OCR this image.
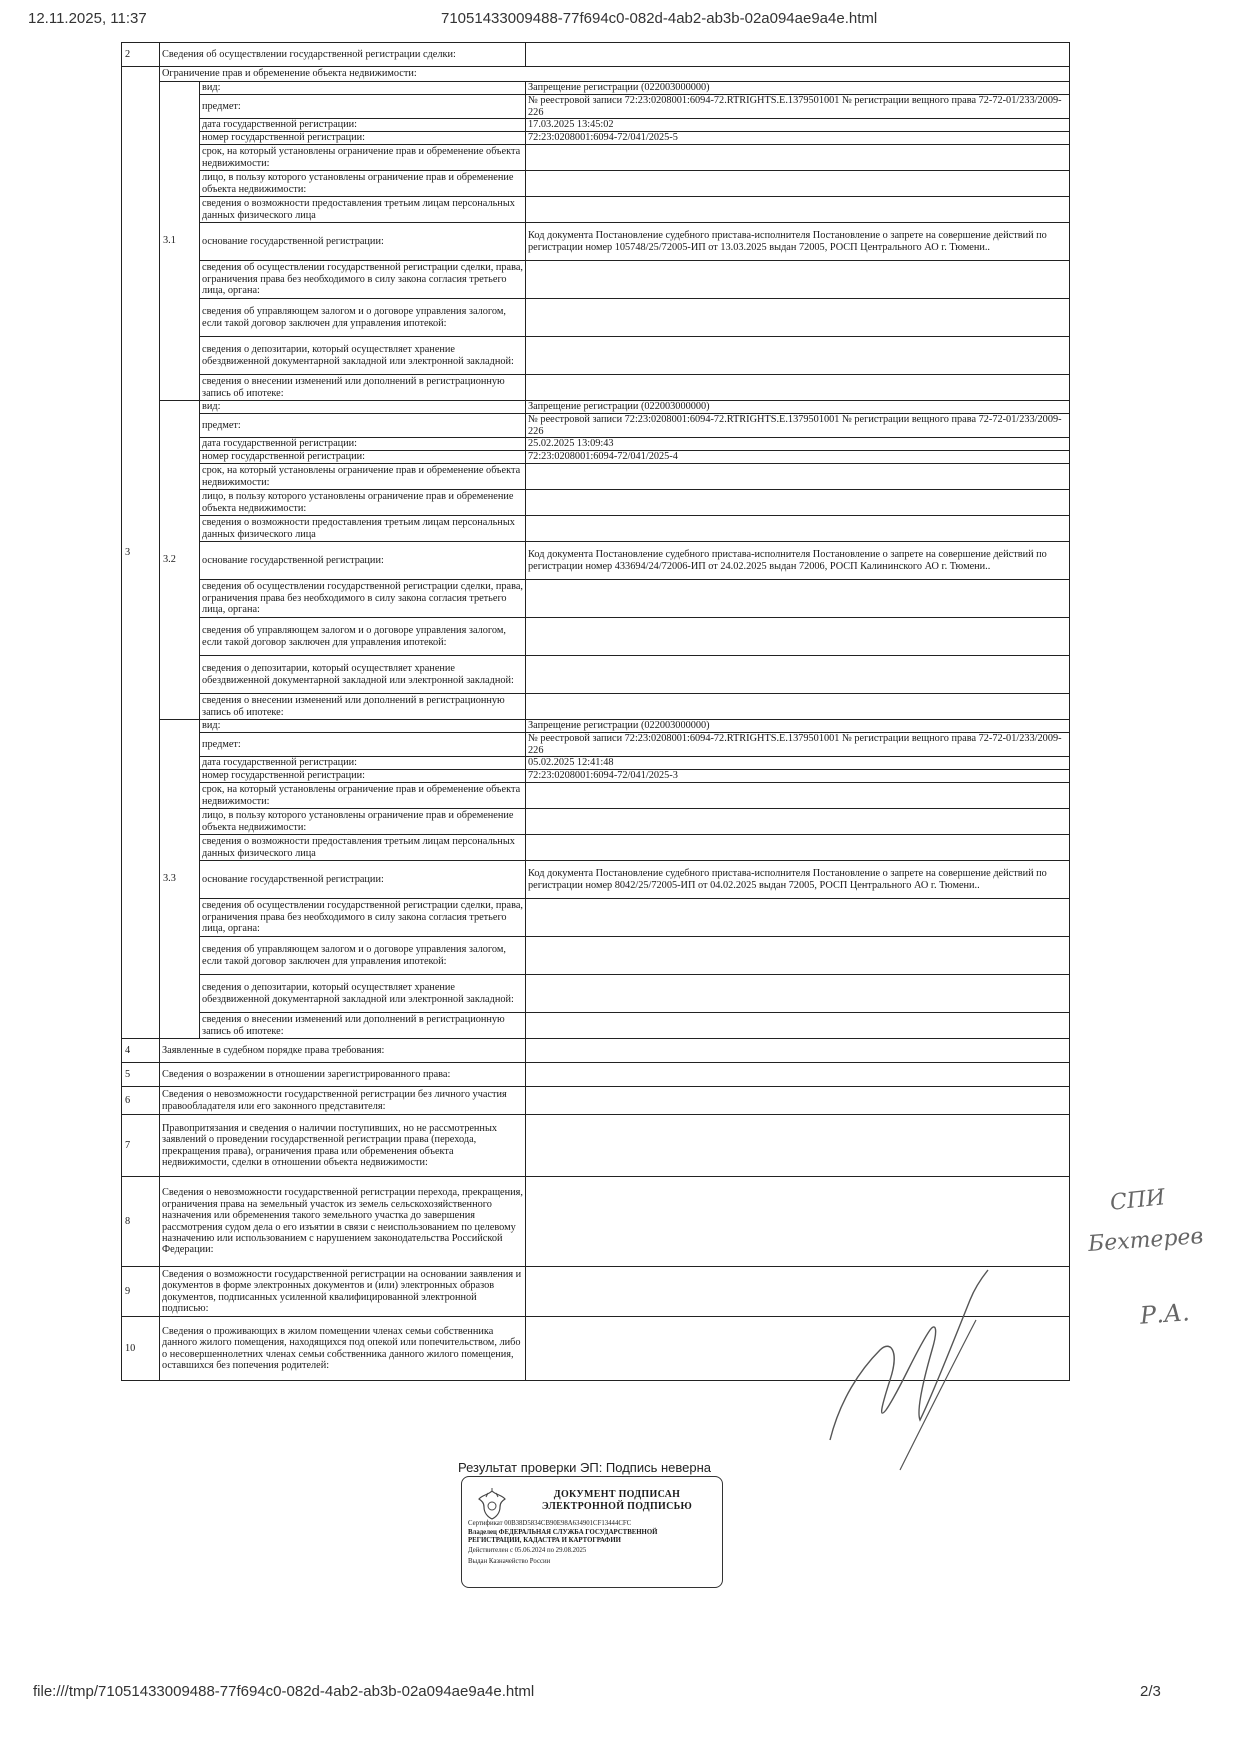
12.11.2025, 11:37	71051433009488-77f694c0-082d-4ab2-ab3b-02a094ae9a4e.html
2	Сведения об осуществлении государственной регистрации сделки:		
3	Ограничение прав и обременение объекта недвижимости:		
	3.1	вид:	Запрещение регистрации (022003000000)
		предмет:	№ реестровой записи 72:23:0208001:6094-72.RTRIGHTS.E.1379501001 № регистрации вещного права 72-72-01/233/2009-226
		дата государственной регистрации:	17.03.2025 13:45:02
		номер государственной регистрации:	72:23:0208001:6094-72/041/2025-5
		срок, на который установлены ограничение прав и обременение объекта недвижимости:	
		лицо, в пользу которого установлены ограничение прав и обременение объекта недвижимости:	
		сведения о возможности предоставления третьим лицам персональных данных физического лица	
		основание государственной регистрации:	Код документа Постановление судебного пристава-исполнителя Постановление о запрете на совершение действий по регистрации номер 105748/25/72005-ИП от 13.03.2025 выдан 72005, РОСП Центрального АО г. Тюмени..
		сведения об осуществлении государственной регистрации сделки, права, ограничения права без необходимого в силу закона согласия третьего лица, органа:	
		сведения об управляющем залогом и о договоре управления залогом, если такой договор заключен для управления ипотекой:	
		сведения о депозитарии, который осуществляет хранение обездвиженной документарной закладной или электронной закладной:	
		сведения о внесении изменений или дополнений в регистрационную запись об ипотеке:	
	3.2	вид:	Запрещение регистрации (022003000000)
		предмет:	№ реестровой записи 72:23:0208001:6094-72.RTRIGHTS.E.1379501001 № регистрации вещного права 72-72-01/233/2009-226
		дата государственной регистрации:	25.02.2025 13:09:43
		номер государственной регистрации:	72:23:0208001:6094-72/041/2025-4
		срок, на который установлены ограничение прав и обременение объекта недвижимости:	
		лицо, в пользу которого установлены ограничение прав и обременение объекта недвижимости:	
		сведения о возможности предоставления третьим лицам персональных данных физического лица	
		основание государственной регистрации:	Код документа Постановление судебного пристава-исполнителя Постановление о запрете на совершение действий по регистрации номер 433694/24/72006-ИП от 24.02.2025 выдан 72006, РОСП Калининского АО г. Тюмени..
		сведения об осуществлении государственной регистрации сделки, права, ограничения права без необходимого в силу закона согласия третьего лица, органа:	
		сведения об управляющем залогом и о договоре управления залогом, если такой договор заключен для управления ипотекой:	
		сведения о депозитарии, который осуществляет хранение обездвиженной документарной закладной или электронной закладной:	
		сведения о внесении изменений или дополнений в регистрационную запись об ипотеке:	
	3.3	вид:	Запрещение регистрации (022003000000)
		предмет:	№ реестровой записи 72:23:0208001:6094-72.RTRIGHTS.E.1379501001 № регистрации вещного права 72-72-01/233/2009-226
		дата государственной регистрации:	05.02.2025 12:41:48
		номер государственной регистрации:	72:23:0208001:6094-72/041/2025-3
		срок, на который установлены ограничение прав и обременение объекта недвижимости:	
		лицо, в пользу которого установлены ограничение прав и обременение объекта недвижимости:	
		сведения о возможности предоставления третьим лицам персональных данных физического лица	
		основание государственной регистрации:	Код документа Постановление судебного пристава-исполнителя Постановление о запрете на совершение действий по регистрации номер 8042/25/72005-ИП от 04.02.2025 выдан 72005, РОСП Центрального АО г. Тюмени..
		сведения об осуществлении государственной регистрации сделки, права, ограничения права без необходимого в силу закона согласия третьего лица, органа:	
		сведения об управляющем залогом и о договоре управления залогом, если такой договор заключен для управления ипотекой:	
		сведения о депозитарии, который осуществляет хранение обездвиженной документарной закладной или электронной закладной:	
		сведения о внесении изменений или дополнений в регистрационную запись об ипотеке:	
4	Заявленные в судебном порядке права требования:		
5	Сведения о возражении в отношении зарегистрированного права:		
6	Сведения о невозможности государственной регистрации без личного участия правообладателя или его законного представителя:		
7	Правопритязания и сведения о наличии поступивших, но не рассмотренных заявлений о проведении государственной регистрации права (перехода, прекращения права), ограничения права или обременения объекта недвижимости, сделки в отношении объекта недвижимости:		
8	Сведения о невозможности государственной регистрации перехода, прекращения, ограничения права на земельный участок из земель сельскохозяйственного назначения или обременения такого земельного участка до завершения рассмотрения судом дела о его изъятии в связи с неиспользованием по целевому назначению или использованием с нарушением законодательства Российской Федерации:		
9	Сведения о возможности государственной регистрации на основании заявления и документов в форме электронных документов и (или) электронных образов документов, подписанных усиленной квалифицированной электронной подписью:		
10	Сведения о проживающих в жилом помещении членах семьи собственника данного жилого помещения, находящихся под опекой или попечительством, либо о несовершеннолетних членах семьи собственника данного жилого помещения, оставшихся без попечения родителей:		
Результат проверки ЭП: Подпись неверна
ДОКУМЕНТ ПОДПИСАН ЭЛЕКТРОННОЙ ПОДПИСЬЮ
Сертификат 00B38D5834CB90E98A634901CF13444CFC
Владелец ФЕДЕРАЛЬНАЯ СЛУЖБА ГОСУДАРСТВЕННОЙ
РЕГИСТРАЦИИ, КАДАСТРА И КАРТОГРАФИИ
Действителен с 05.06.2024 по 29.08.2025
Выдан Казначейство России
СПИ
Бехтерев
Р.А.
file:///tmp/71051433009488-77f694c0-082d-4ab2-ab3b-02a094ae9a4e.html	2/3
